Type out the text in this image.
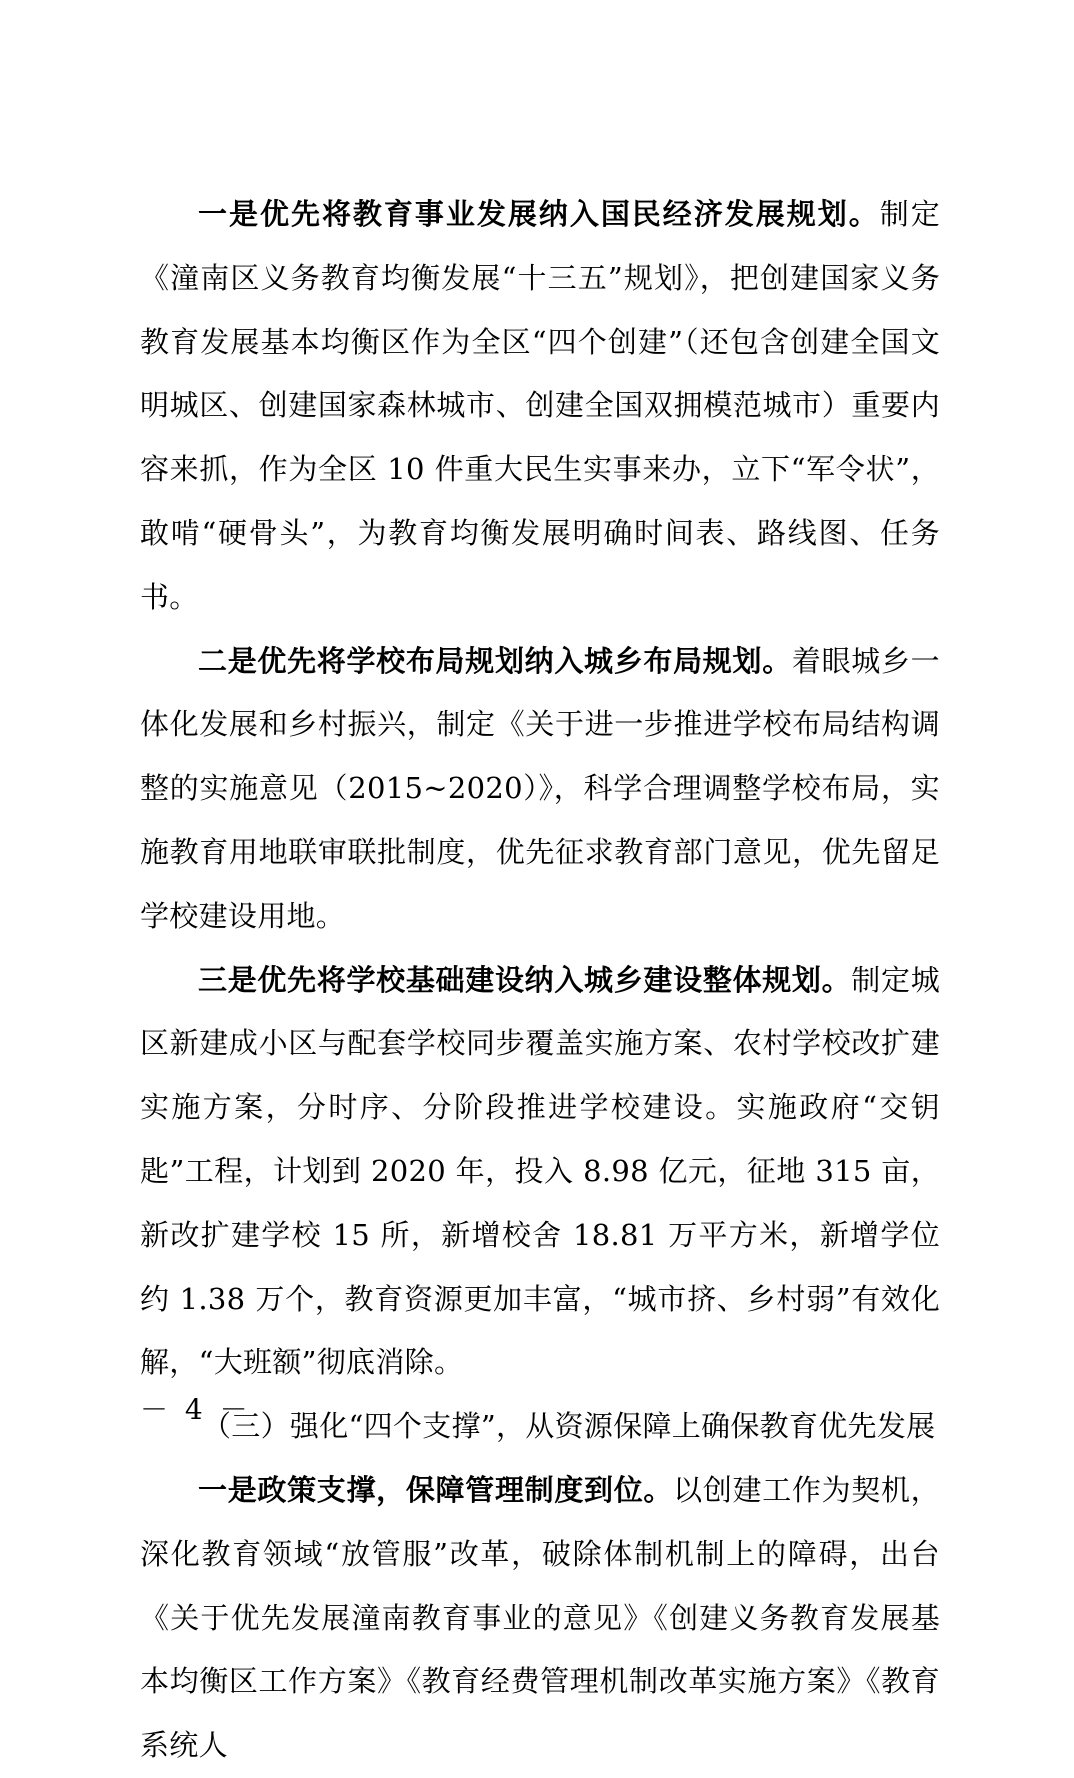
一是优先将教育事业发展纳入国民经济发展规划。制定《潼南区义务教育均衡发展“十三五”规划》，把创建国家义务教育发展基本均衡区作为全区“四个创建”（还包含创建全国文明城区、创建国家森林城市、创建全国双拥模范城市）重要内容来抓，作为全区 10 件重大民生实事来办，立下“军令状”，敢啃“硬骨头”，为教育均衡发展明确时间表、路线图、任务书。

二是优先将学校布局规划纳入城乡布局规划。着眼城乡一体化发展和乡村振兴，制定《关于进一步推进学校布局结构调整的实施意见（2015~2020）》，科学合理调整学校布局，实施教育用地联审联批制度，优先征求教育部门意见，优先留足学校建设用地。

三是优先将学校基础建设纳入城乡建设整体规划。制定城区新建成小区与配套学校同步覆盖实施方案、农村学校改扩建实施方案，分时序、分阶段推进学校建设。实施政府“交钥匙”工程，计划到 2020 年，投入 8.98 亿元，征地 315 亩，新改扩建学校 15 所，新增校舍 18.81 万平方米，新增学位约 1.38 万个，教育资源更加丰富，“城市挤、乡村弱”有效化解，“大班额”彻底消除。

（三）强化“四个支撑”，从资源保障上确保教育优先发展

一是政策支撑，保障管理制度到位。以创建工作为契机，深化教育领域“放管服”改革，破除体制机制上的障碍，出台《关于优先发展潼南教育事业的意见》《创建义务教育发展基本均衡区工作方案》《教育经费管理机制改革实施方案》《教育系统人

－ 4 －
